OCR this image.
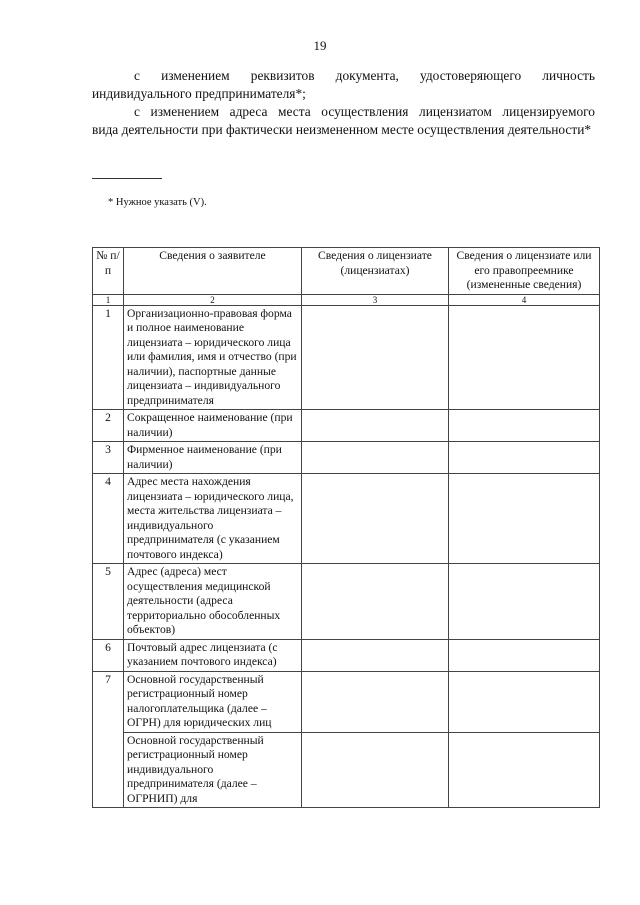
19
с изменением реквизитов документа, удостоверяющего личность
индивидуального предпринимателя*;
с изменением адреса места осуществления лицензиатом лицензируемого
вида деятельности при фактически неизмененном месте осуществления деятельности*
* Нужное указать (V).
№ п/п	Сведения о заявителе	Сведения о лицензиате (лицензиатах)	Сведения о лицензиате или его правопреемнике (измененные сведения)
1	2	3	4
1	Организационно-правовая форма и полное наименование лицензиата – юридического лица или фамилия, имя и отчество (при наличии), паспортные данные лицензиата – индивидуального предпринимателя		
2	Сокращенное наименование (при наличии)		
3	Фирменное наименование (при наличии)		
4	Адрес места нахождения лицензиата – юридического лица, места жительства лицензиата – индивидуального предпринимателя (с указанием почтового индекса)		
5	Адрес (адреса) мест осуществления медицинской деятельности (адреса территориально обособленных объектов)		
6	Почтовый адрес лицензиата (с указанием почтового индекса)		
7	Основной государственный регистрационный номер налогоплательщика (далее – ОГРН) для юридических лиц		
	Основной государственный регистрационный номер индивидуального предпринимателя (далее – ОГРНИП) для		
